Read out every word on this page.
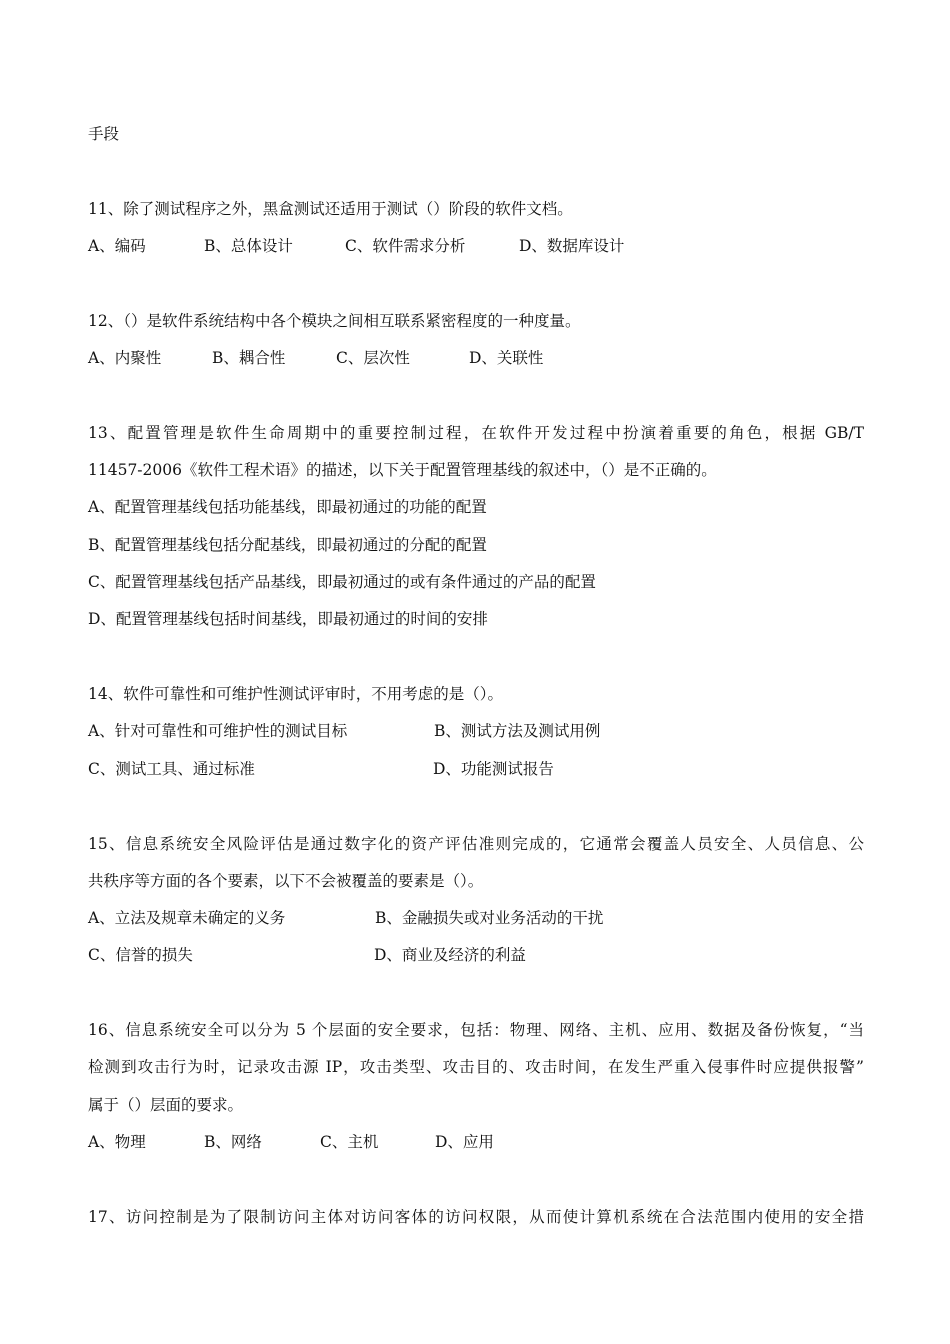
手段
11、除了测试程序之外，黑盒测试还适用于测试（）阶段的软件文档。
A、编码	B、总体设计	C、软件需求分析	D、数据库设计
12、（）是软件系统结构中各个模块之间相互联系紧密程度的一种度量。
A、内聚性	B、耦合性	C、层次性	D、关联性
13、配置管理是软件生命周期中的重要控制过程，在软件开发过程中扮演着重要的角色，根据 GB/T
11457-2006《软件工程术语》的描述，以下关于配置管理基线的叙述中，（）是不正确的。
A、配置管理基线包括功能基线，即最初通过的功能的配置
B、配置管理基线包括分配基线，即最初通过的分配的配置
C、配置管理基线包括产品基线，即最初通过的或有条件通过的产品的配置
D、配置管理基线包括时间基线，即最初通过的时间的安排
14、软件可靠性和可维护性测试评审时，不用考虑的是（）。
A、针对可靠性和可维护性的测试目标	B、测试方法及测试用例
C、测试工具、通过标准	D、功能测试报告
15、信息系统安全风险评估是通过数字化的资产评估准则完成的，它通常会覆盖人员安全、人员信息、公
共秩序等方面的各个要素，以下不会被覆盖的要素是（）。
A、立法及规章未确定的义务	B、金融损失或对业务活动的干扰
C、信誉的损失	D、商业及经济的利益
16、信息系统安全可以分为 5 个层面的安全要求，包括：物理、网络、主机、应用、数据及备份恢复，“当
检测到攻击行为时，记录攻击源 IP，攻击类型、攻击目的、攻击时间，在发生严重入侵事件时应提供报警”
属于（）层面的要求。
A、物理	B、网络	C、主机	D、应用
17、访问控制是为了限制访问主体对访问客体的访问权限，从而使计算机系统在合法范围内使用的安全措
